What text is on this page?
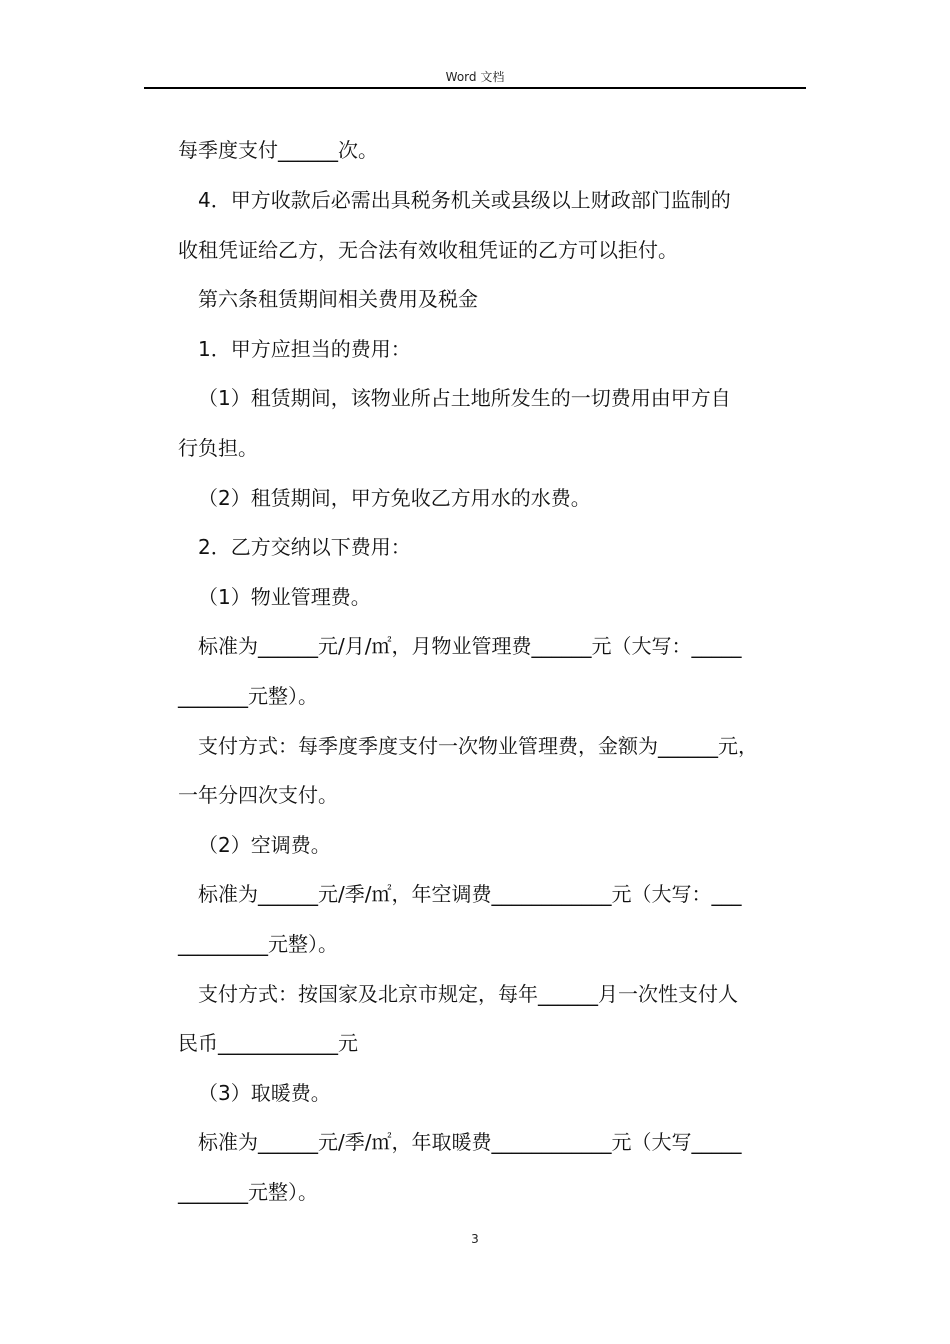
Word 文档
每季度支付______次。
4．甲方收款后必需出具税务机关或县级以上财政部门监制的
收租凭证给乙方，无合法有效收租凭证的乙方可以拒付。
第六条租赁期间相关费用及税金
1．甲方应担当的费用：
（1）租赁期间，该物业所占土地所发生的一切费用由甲方自
行负担。
（2）租赁期间，甲方免收乙方用水的水费。
2．乙方交纳以下费用：
（1）物业管理费。
标准为______元/月/㎡，月物业管理费______元（大写：_____
_______元整）。
支付方式：每季度季度支付一次物业管理费，金额为______元，
一年分四次支付。
（2）空调费。
标准为______元/季/㎡，年空调费____________元（大写：___
_________元整）。
支付方式：按国家及北京市规定，每年______月一次性支付人
民币____________元
（3）取暖费。
标准为______元/季/㎡，年取暖费____________元（大写_____
_______元整）。
3
